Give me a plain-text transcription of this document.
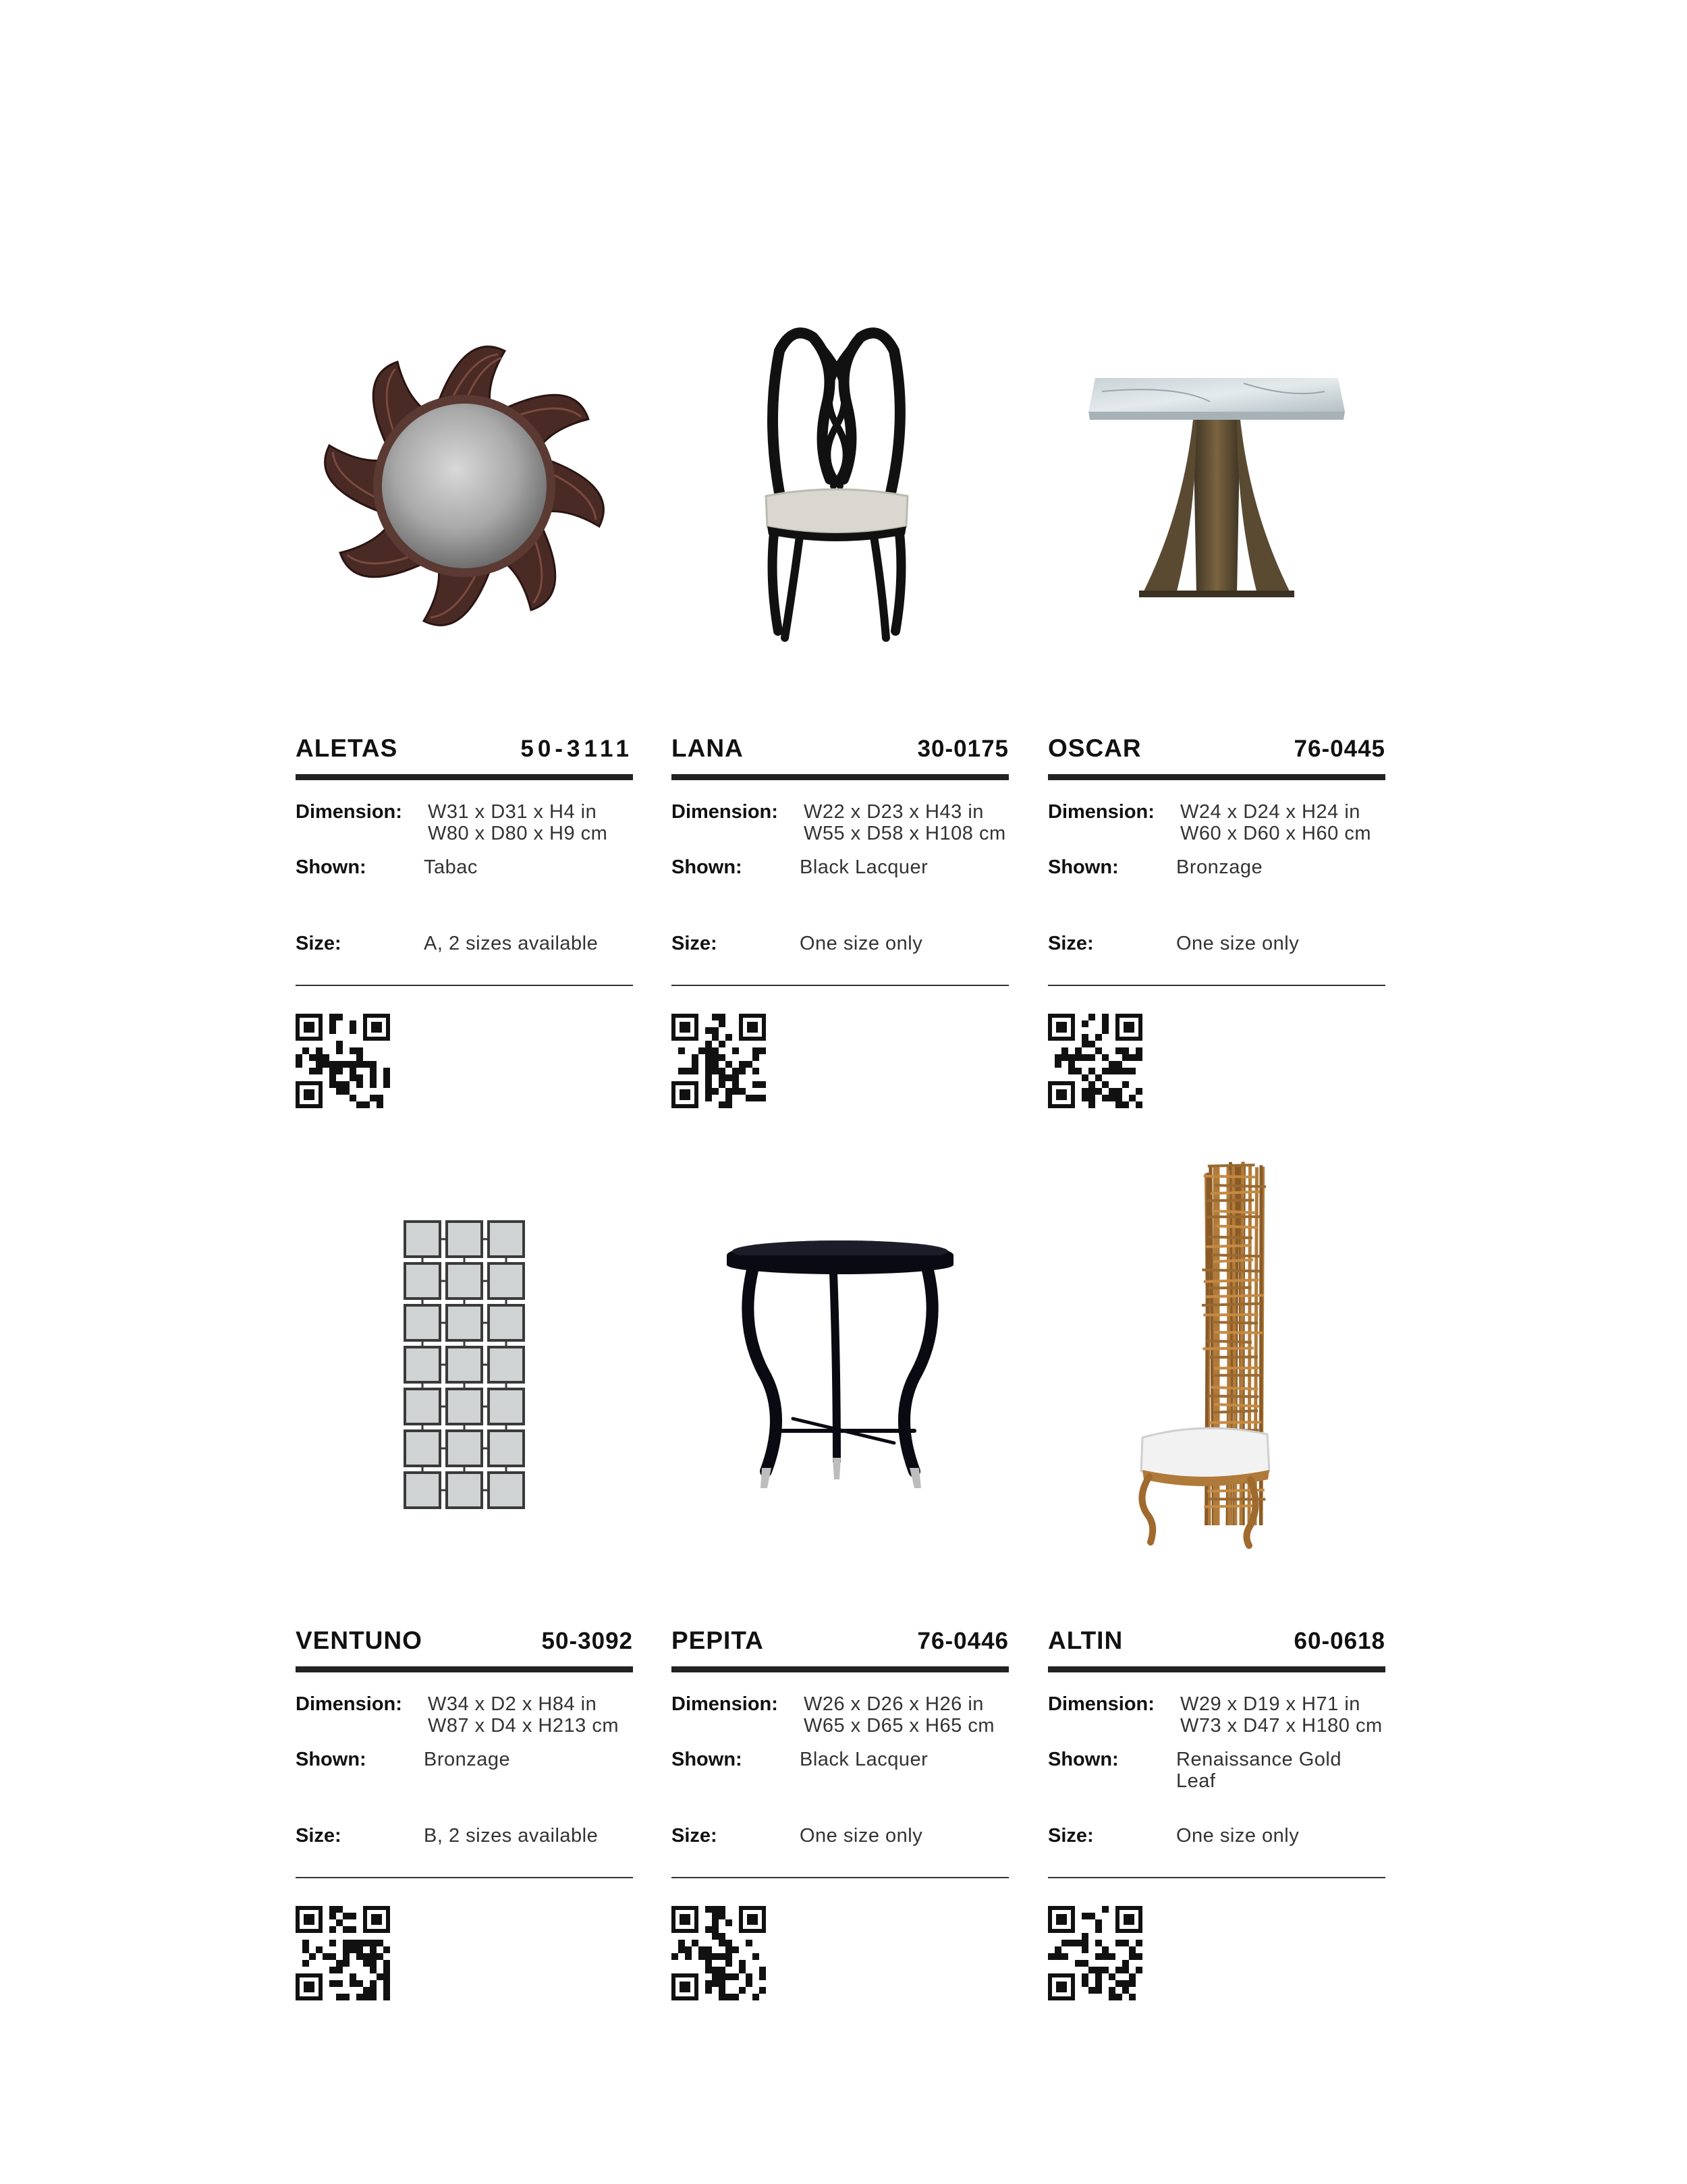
ALETAS	50-3111
Dimension: W31 x D31 x H4 in
W80 x D80 x H9 cm
Shown:	Tabac
Size:	A, 2 sizes available
LANA	30-0175
Dimension: W22 x D23 x H43 in
W55 x D58 x H108 cm
Shown:	Black Lacquer
Size:	One size only
OSCAR	76-0445
Dimension: W24 x D24 x H24 in
W60 x D60 x H60 cm
Shown:	Bronzage
Size:	One size only
VENTUNO	50-3092
Dimension: W34 x D2 x H84 in
W87 x D4 x H213 cm
Shown:	Bronzage
Size:	B, 2 sizes available
PEPITA	76-0446
Dimension: W26 x D26 x H26 in
W65 x D65 x H65 cm
Shown:	Black Lacquer
Size:	One size only
ALTIN	60-0618
Dimension: W29 x D19 x H71 in
W73 x D47 x H180 cm
Shown:	Renaissance Gold Leaf
Size:	One size only
